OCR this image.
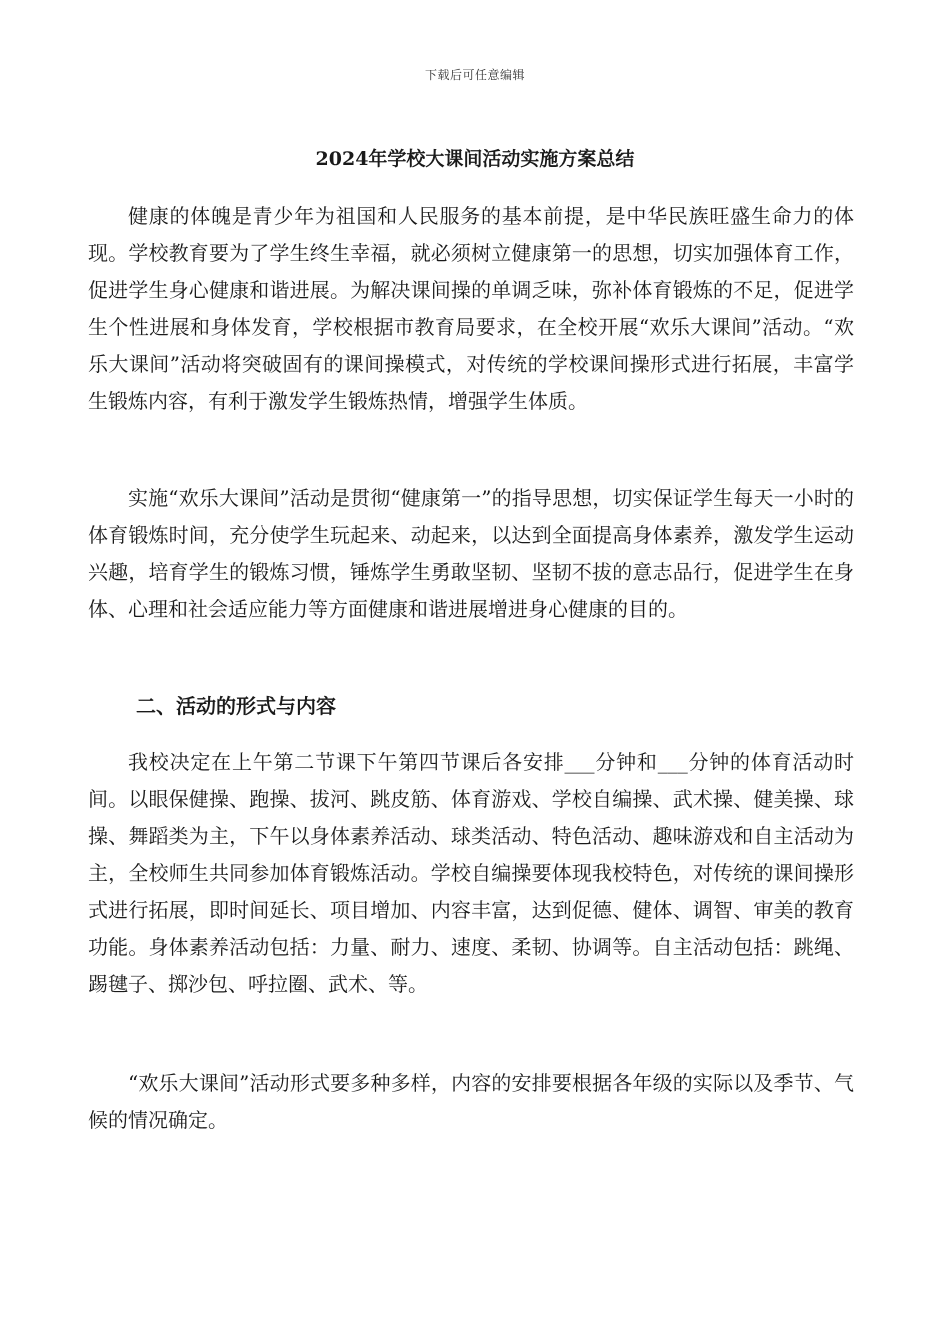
下载后可任意编辑
2024年学校大课间活动实施方案总结

健康的体魄是青少年为祖国和人民服务的基本前提，是中华民族旺盛生命力的体现。学校教育要为了学生终生幸福，就必须树立健康第一的思想，切实加强体育工作，促进学生身心健康和谐进展。为解决课间操的单调乏味，弥补体育锻炼的不足，促进学生个性进展和身体发育，学校根据市教育局要求，在全校开展“欢乐大课间”活动。“欢乐大课间”活动将突破固有的课间操模式，对传统的学校课间操形式进行拓展，丰富学生锻炼内容，有利于激发学生锻炼热情，增强学生体质。

实施“欢乐大课间”活动是贯彻“健康第一”的指导思想，切实保证学生每天一小时的体育锻炼时间，充分使学生玩起来、动起来，以达到全面提高身体素养，激发学生运动兴趣，培育学生的锻炼习惯，锤炼学生勇敢坚韧、坚韧不拔的意志品行，促进学生在身体、心理和社会适应能力等方面健康和谐进展增进身心健康的目的。

二、活动的形式与内容

我校决定在上午第二节课下午第四节课后各安排___分钟和___分钟的体育活动时间。以眼保健操、跑操、拔河、跳皮筋、体育游戏、学校自编操、武术操、健美操、球操、舞蹈类为主，下午以身体素养活动、球类活动、特色活动、趣味游戏和自主活动为主，全校师生共同参加体育锻炼活动。学校自编操要体现我校特色，对传统的课间操形式进行拓展，即时间延长、项目增加、内容丰富，达到促德、健体、调智、审美的教育功能。身体素养活动包括：力量、耐力、速度、柔韧、协调等。自主活动包括：跳绳、踢毽子、掷沙包、呼拉圈、武术、等。

“欢乐大课间”活动形式要多种多样，内容的安排要根据各年级的实际以及季节、气候的情况确定。
